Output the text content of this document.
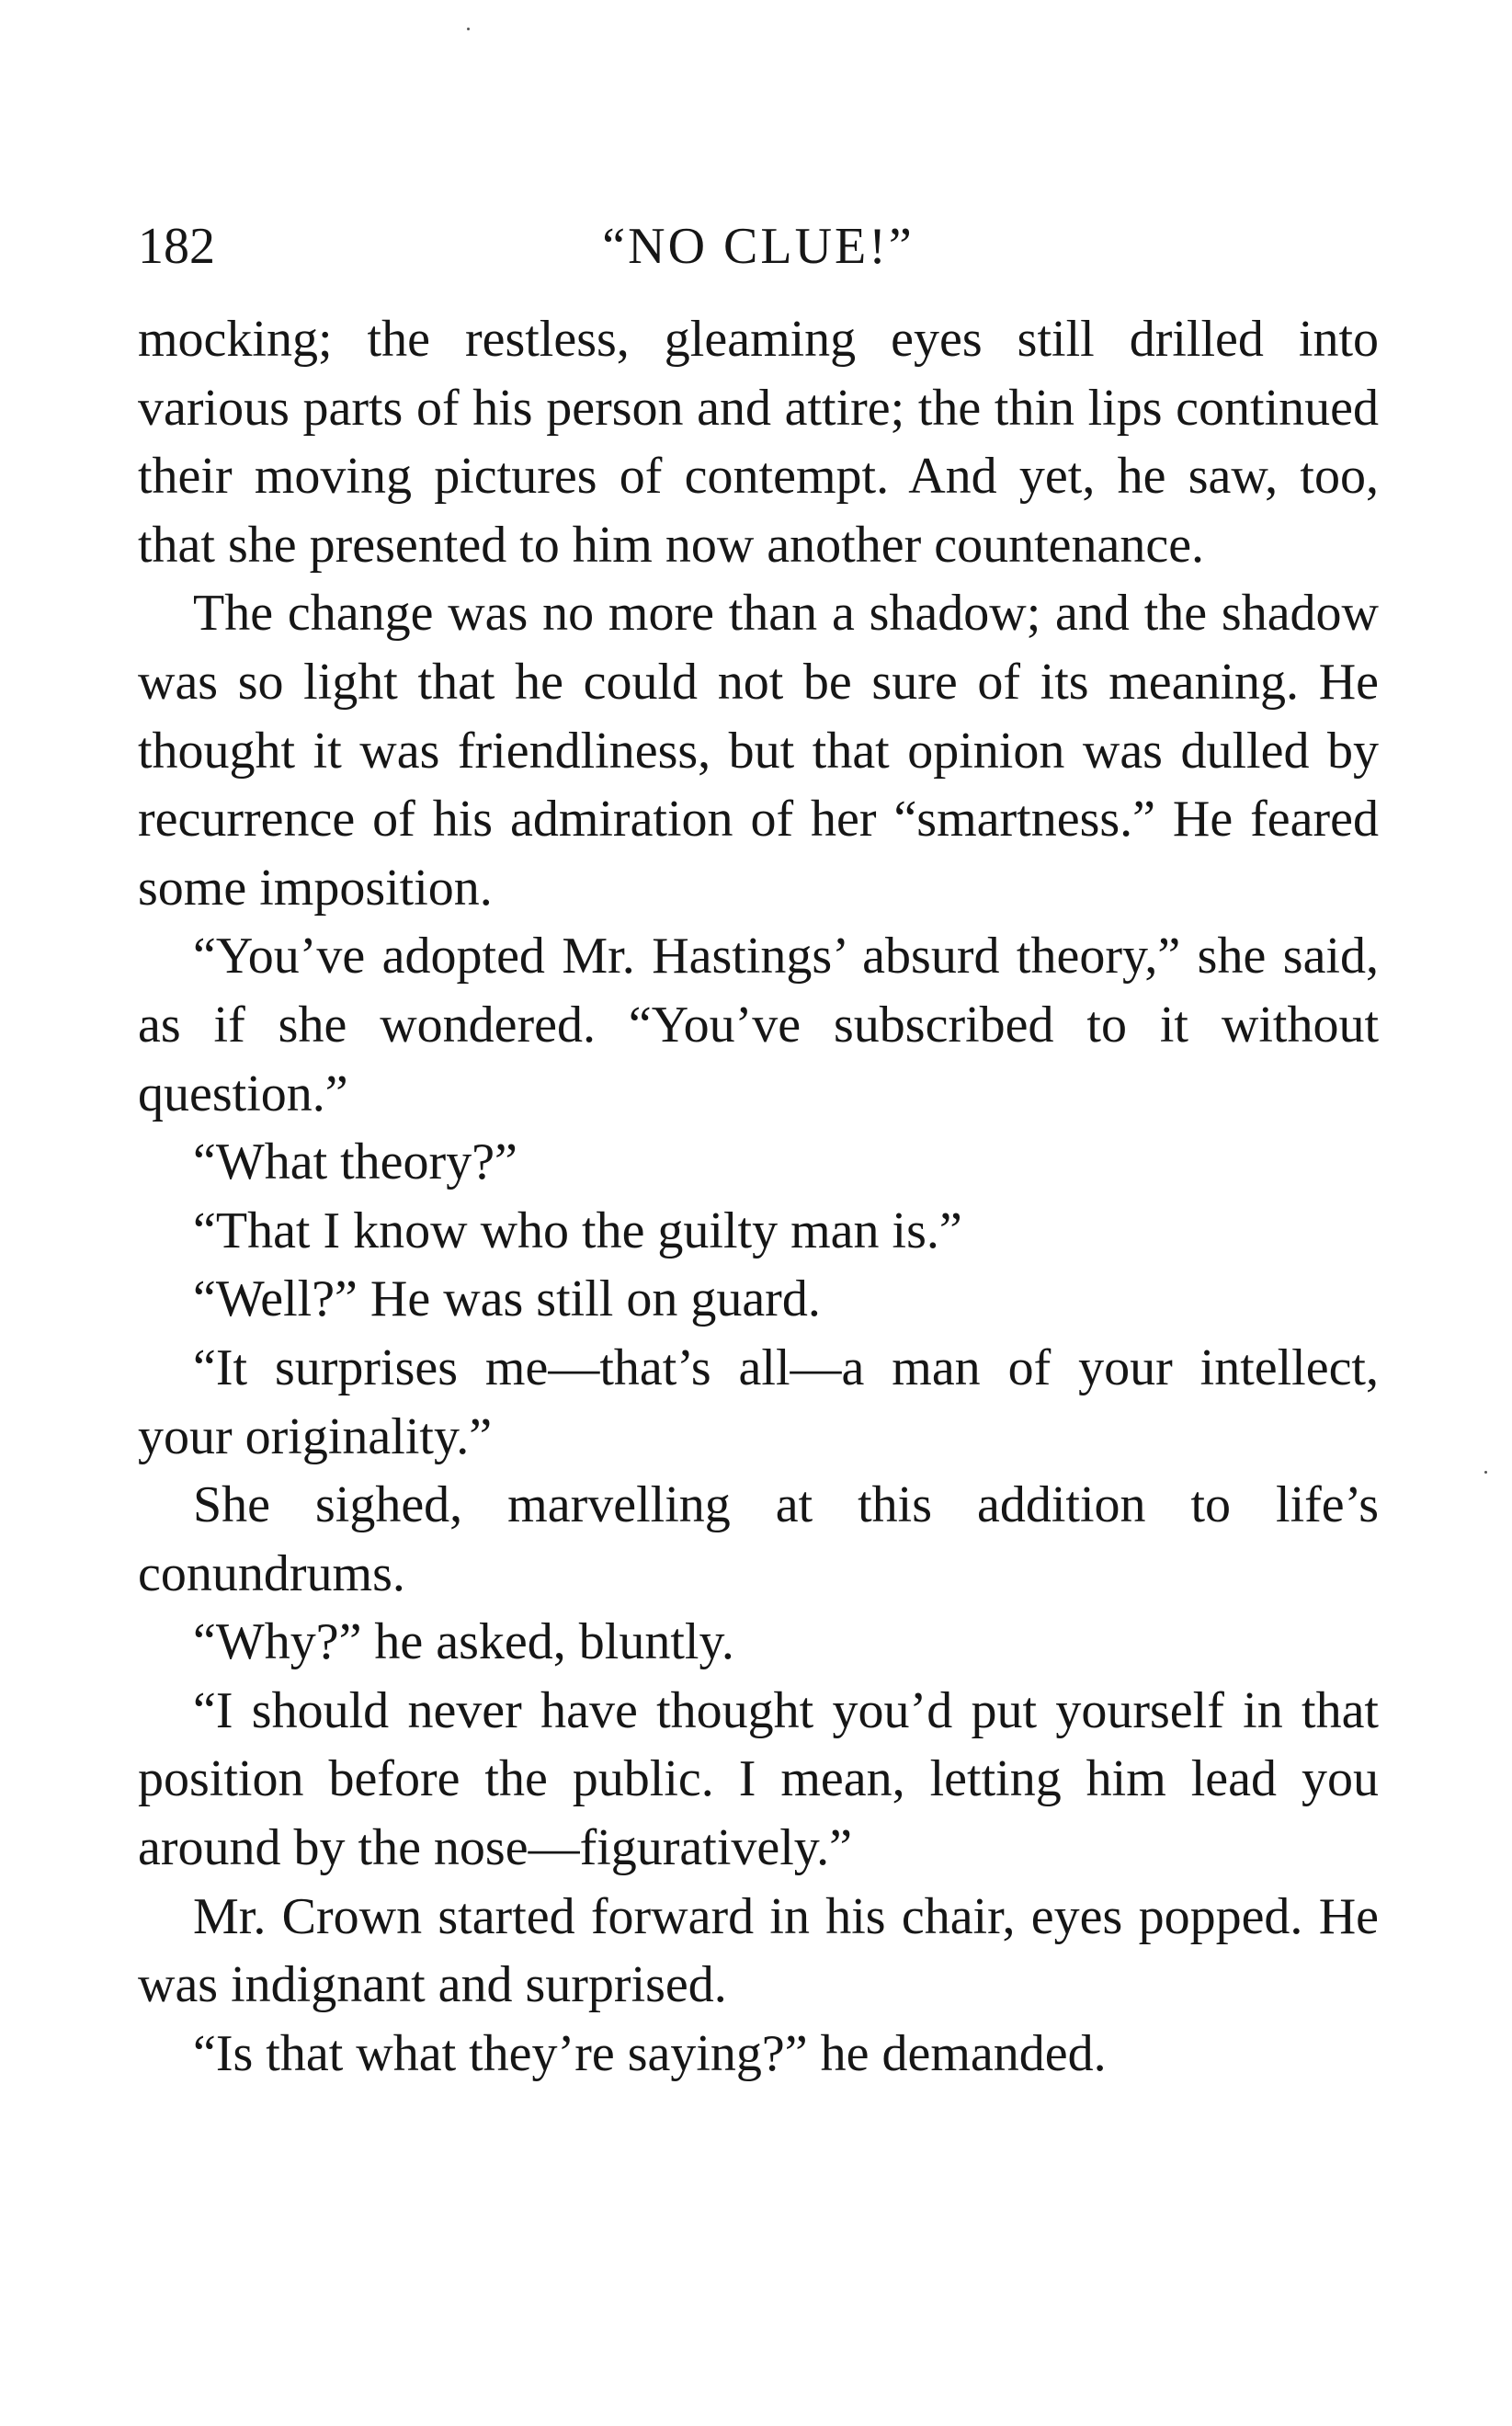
182	“NO CLUE!”

mocking; the restless, gleaming eyes still drilled into various parts of his person and attire; the thin lips continued their moving pictures of contempt. And yet, he saw, too, that she presented to him now another countenance.

The change was no more than a shadow; and the shadow was so light that he could not be sure of its meaning. He thought it was friendliness, but that opinion was dulled by recurrence of his admiration of her “smartness.” He feared some imposition.

“You’ve adopted Mr. Hastings’ absurd theory,” she said, as if she wondered. “You’ve subscribed to it without question.”

“What theory?”

“That I know who the guilty man is.”

“Well?” He was still on guard.

“It surprises me—that’s all—a man of your intellect, your originality.”

She sighed, marvelling at this addition to life’s conundrums.

“Why?” he asked, bluntly.

“I should never have thought you’d put yourself in that position before the public. I mean, letting him lead you around by the nose—figuratively.”

Mr. Crown started forward in his chair, eyes popped. He was indignant and surprised.

“Is that what they’re saying?” he demanded.
